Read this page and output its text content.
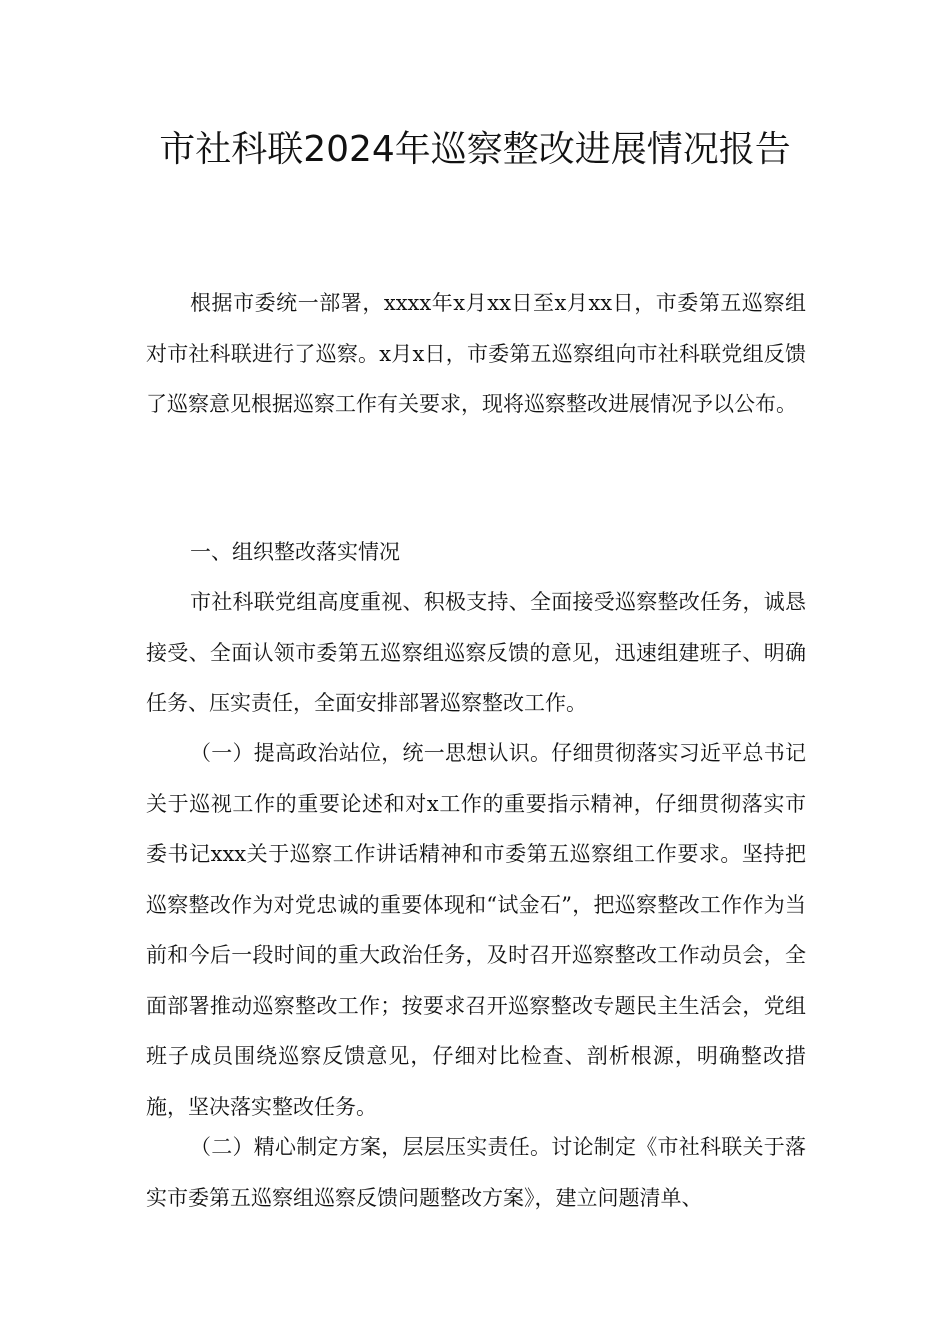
市社科联2024年巡察整改进展情况报告

根据市委统一部署，xxxx年x月xx日至x月xx日，市委第五巡察组对市社科联进行了巡察。x月x日，市委第五巡察组向市社科联党组反馈了巡察意见根据巡察工作有关要求，现将巡察整改进展情况予以公布。

一、组织整改落实情况

市社科联党组高度重视、积极支持、全面接受巡察整改任务，诚恳接受、全面认领市委第五巡察组巡察反馈的意见，迅速组建班子、明确任务、压实责任，全面安排部署巡察整改工作。

（一）提高政治站位，统一思想认识。仔细贯彻落实习近平总书记关于巡视工作的重要论述和对x工作的重要指示精神，仔细贯彻落实市委书记xxx关于巡察工作讲话精神和市委第五巡察组工作要求。坚持把巡察整改作为对党忠诚的重要体现和“试金石”，把巡察整改工作作为当前和今后一段时间的重大政治任务，及时召开巡察整改工作动员会，全面部署推动巡察整改工作；按要求召开巡察整改专题民主生活会，党组班子成员围绕巡察反馈意见，仔细对比检查、剖析根源，明确整改措施，坚决落实整改任务。

（二）精心制定方案，层层压实责任。讨论制定《市社科联关于落实市委第五巡察组巡察反馈问题整改方案》，建立问题清单、
